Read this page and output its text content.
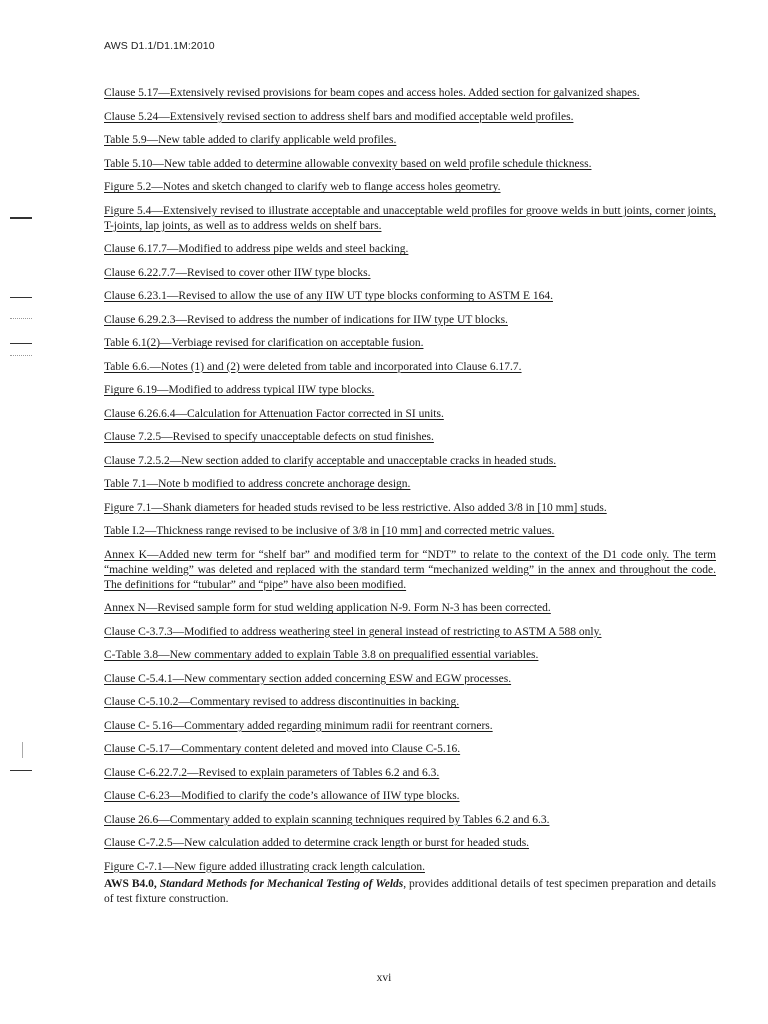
AWS D1.1/D1.1M:2010

Clause 5.17—Extensively revised provisions for beam copes and access holes. Added section for galvanized shapes.

Clause 5.24—Extensively revised section to address shelf bars and modified acceptable weld profiles.

Table 5.9—New table added to clarify applicable weld profiles.

Table 5.10—New table added to determine allowable convexity based on weld profile schedule thickness.

Figure 5.2—Notes and sketch changed to clarify web to flange access holes geometry.

Figure 5.4—Extensively revised to illustrate acceptable and unacceptable weld profiles for groove welds in butt joints, corner joints, T-joints, lap joints, as well as to address welds on shelf bars.

Clause 6.17.7—Modified to address pipe welds and steel backing.

Clause 6.22.7.7—Revised to cover other IIW type blocks.

Clause 6.23.1—Revised to allow the use of any IIW UT type blocks conforming to ASTM E 164.

Clause 6.29.2.3—Revised to address the number of indications for IIW type UT blocks.

Table 6.1(2)—Verbiage revised for clarification on acceptable fusion.

Table 6.6.—Notes (1) and (2) were deleted from table and incorporated into Clause 6.17.7.

Figure 6.19—Modified to address typical IIW type blocks.

Clause 6.26.6.4—Calculation for Attenuation Factor corrected in SI units.

Clause 7.2.5—Revised to specify unacceptable defects on stud finishes.

Clause 7.2.5.2—New section added to clarify acceptable and unacceptable cracks in headed studs.

Table 7.1—Note b modified to address concrete anchorage design.

Figure 7.1—Shank diameters for headed studs revised to be less restrictive. Also added 3/8 in [10 mm] studs.

Table I.2—Thickness range revised to be inclusive of 3/8 in [10 mm] and corrected metric values.

Annex K—Added new term for “shelf bar” and modified term for “NDT” to relate to the context of the D1 code only. The term “machine welding” was deleted and replaced with the standard term “mechanized welding” in the annex and throughout the code. The definitions for “tubular” and “pipe” have also been modified.

Annex N—Revised sample form for stud welding application N-9. Form N-3 has been corrected.

Clause C-3.7.3—Modified to address weathering steel in general instead of restricting to ASTM A 588 only.

C-Table 3.8—New commentary added to explain Table 3.8 on prequalified essential variables.

Clause C-5.4.1—New commentary section added concerning ESW and EGW processes.

Clause C-5.10.2—Commentary revised to address discontinuities in backing.

Clause C- 5.16—Commentary added regarding minimum radii for reentrant corners.

Clause C-5.17—Commentary content deleted and moved into Clause C-5.16.

Clause C-6.22.7.2—Revised to explain parameters of Tables 6.2 and 6.3.

Clause C-6.23—Modified to clarify the code’s allowance of IIW type blocks.

Clause 26.6—Commentary added to explain scanning techniques required by Tables 6.2 and 6.3.

Clause C-7.2.5—New calculation added to determine crack length or burst for headed studs.

Figure C-7.1—New figure added illustrating crack length calculation.

AWS B4.0, Standard Methods for Mechanical Testing of Welds, provides additional details of test specimen preparation and details of test fixture construction.

xvi
